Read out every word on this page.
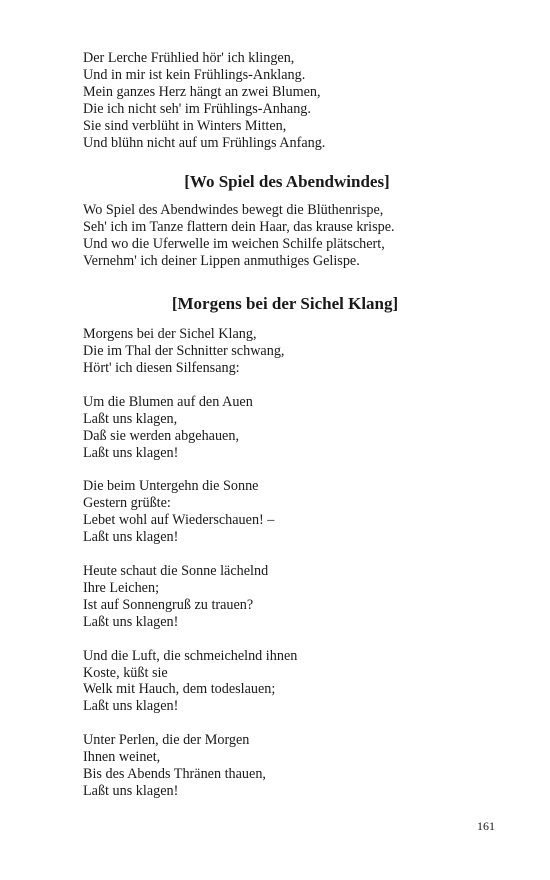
Der Lerche Frühlied hör' ich klingen,
Und in mir ist kein Frühlings-Anklang.
Mein ganzes Herz hängt an zwei Blumen,
Die ich nicht seh' im Frühlings-Anhang.
Sie sind verblüht in Winters Mitten,
Und blühn nicht auf um Frühlings Anfang.
[Wo Spiel des Abendwindes]
Wo Spiel des Abendwindes bewegt die Blüthenrispe,
Seh' ich im Tanze flattern dein Haar, das krause krispe.
Und wo die Uferwelle im weichen Schilfe plätschert,
Vernehm' ich deiner Lippen anmuthiges Gelispe.
[Morgens bei der Sichel Klang]
Morgens bei der Sichel Klang,
Die im Thal der Schnitter schwang,
Hört' ich diesen Silfensang:
Um die Blumen auf den Auen
Laßt uns klagen,
Daß sie werden abgehauen,
Laßt uns klagen!
Die beim Untergehn die Sonne
Gestern grüßte:
Lebet wohl auf Wiederschauen! –
Laßt uns klagen!
Heute schaut die Sonne lächelnd
Ihre Leichen;
Ist auf Sonnengruß zu trauen?
Laßt uns klagen!
Und die Luft, die schmeichelnd ihnen
Koste, küßt sie
Welk mit Hauch, dem todeslauen;
Laßt uns klagen!
Unter Perlen, die der Morgen
Ihnen weinet,
Bis des Abends Thränen thauen,
Laßt uns klagen!
161
